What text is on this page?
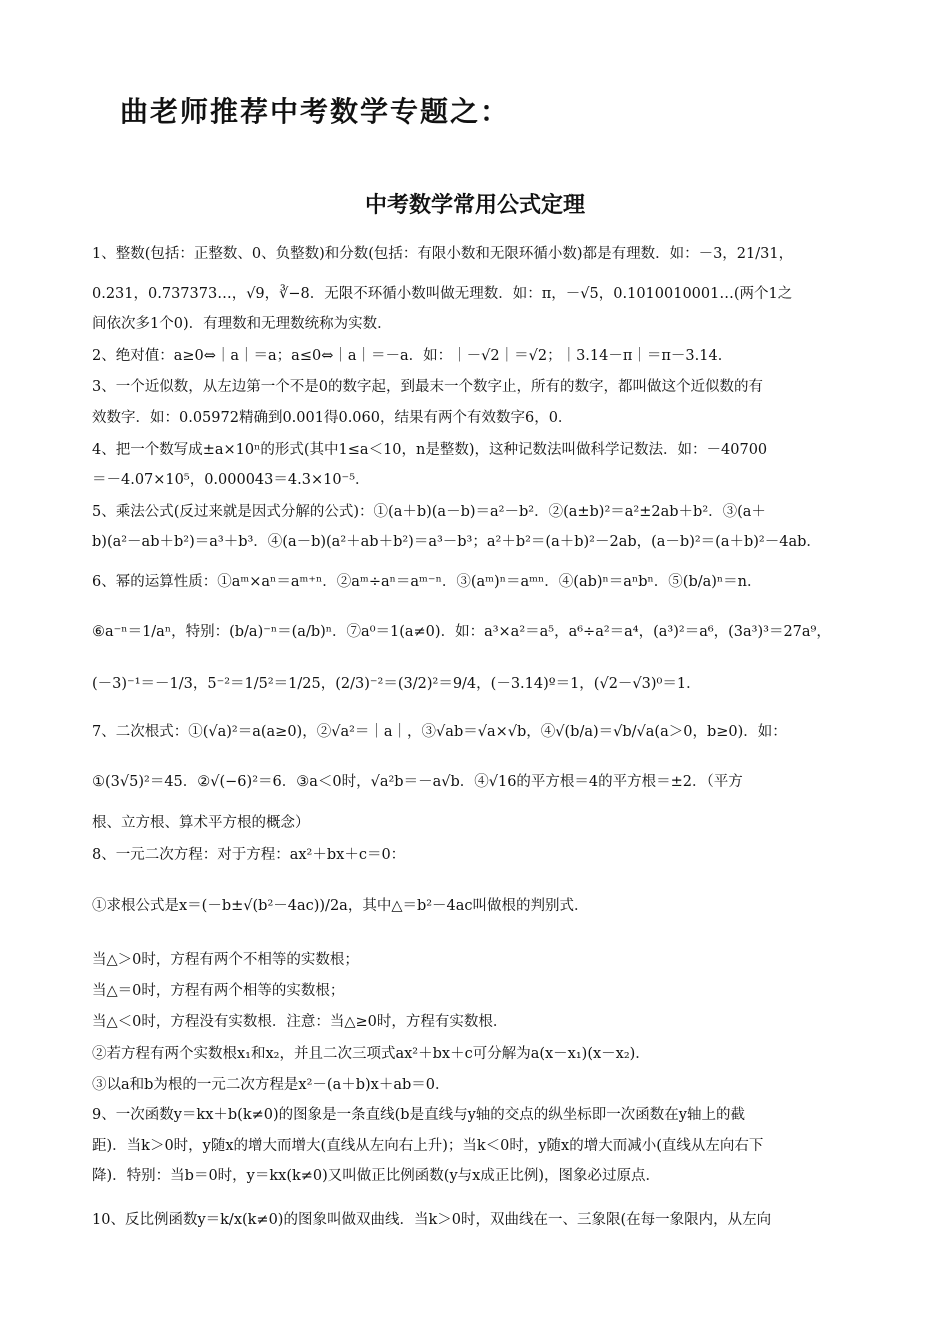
曲老师推荐中考数学专题之：
中考数学常用公式定理
1、整数(包括：正整数、0、负整数)和分数(包括：有限小数和无限环循小数)都是有理数．如：－3，21/31，
0.231，0.737373…，√9，∛−8．无限不环循小数叫做无理数．如：π，－√5，0.1010010001…(两个1之
间依次多1个0)．有理数和无理数统称为实数．
2、绝对值：a≥0⇔｜a｜＝a；a≤0⇔｜a｜＝－a．如：｜－√2｜＝√2；｜3.14－π｜＝π－3.14．
3、一个近似数，从左边第一个不是0的数字起，到最末一个数字止，所有的数字，都叫做这个近似数的有
效数字．如：0.05972精确到0.001得0.060，结果有两个有效数字6，0．
4、把一个数写成±a×10ⁿ的形式(其中1≤a＜10，n是整数)，这种记数法叫做科学记数法．如：－40700
＝－4.07×10⁵，0.000043＝4.3×10⁻⁵．
5、乘法公式(反过来就是因式分解的公式)：①(a＋b)(a－b)＝a²－b²．②(a±b)²＝a²±2ab＋b²．③(a＋
b)(a²－ab＋b²)＝a³＋b³．④(a－b)(a²＋ab＋b²)＝a³－b³；a²＋b²＝(a＋b)²－2ab，(a－b)²＝(a＋b)²－4ab．
6、幂的运算性质：①aᵐ×aⁿ＝aᵐ⁺ⁿ．②aᵐ÷aⁿ＝aᵐ⁻ⁿ．③(aᵐ)ⁿ＝aᵐⁿ．④(ab)ⁿ＝aⁿbⁿ．⑤(b/a)ⁿ＝n．
⑥a⁻ⁿ＝1/aⁿ，特别：(b/a)⁻ⁿ＝(a/b)ⁿ．⑦a⁰＝1(a≠0)．如：a³×a²＝a⁵，a⁶÷a²＝a⁴，(a³)²＝a⁶，(3a³)³＝27a⁹，
(－3)⁻¹＝－1/3，5⁻²＝1/5²＝1/25，(2/3)⁻²＝(3/2)²＝9/4，(－3.14)º＝1，(√2－√3)⁰＝1．
7、二次根式：①(√a)²＝a(a≥0)，②√a²＝｜a｜，③√ab＝√a×√b，④√(b/a)＝√b/√a(a＞0，b≥0)．如：
①(3√5)²＝45．②√(−6)²＝6．③a＜0时，√a²b＝－a√b．④√16的平方根＝4的平方根＝±2．（平方
根、立方根、算术平方根的概念）
8、一元二次方程：对于方程：ax²＋bx＋c＝0：
①求根公式是x＝(－b±√(b²－4ac))/2a，其中△＝b²－4ac叫做根的判别式．
当△＞0时，方程有两个不相等的实数根；
当△＝0时，方程有两个相等的实数根；
当△＜0时，方程没有实数根．注意：当△≥0时，方程有实数根．
②若方程有两个实数根x₁和x₂，并且二次三项式ax²＋bx＋c可分解为a(x－x₁)(x－x₂)．
③以a和b为根的一元二次方程是x²－(a＋b)x＋ab＝0．
9、一次函数y＝kx＋b(k≠0)的图象是一条直线(b是直线与y轴的交点的纵坐标即一次函数在y轴上的截
距)．当k＞0时，y随x的增大而增大(直线从左向右上升)；当k＜0时，y随x的增大而减小(直线从左向右下
降)．特别：当b＝0时，y＝kx(k≠0)又叫做正比例函数(y与x成正比例)，图象必过原点．
10、反比例函数y＝k/x(k≠0)的图象叫做双曲线．当k＞0时，双曲线在一、三象限(在每一象限内，从左向
